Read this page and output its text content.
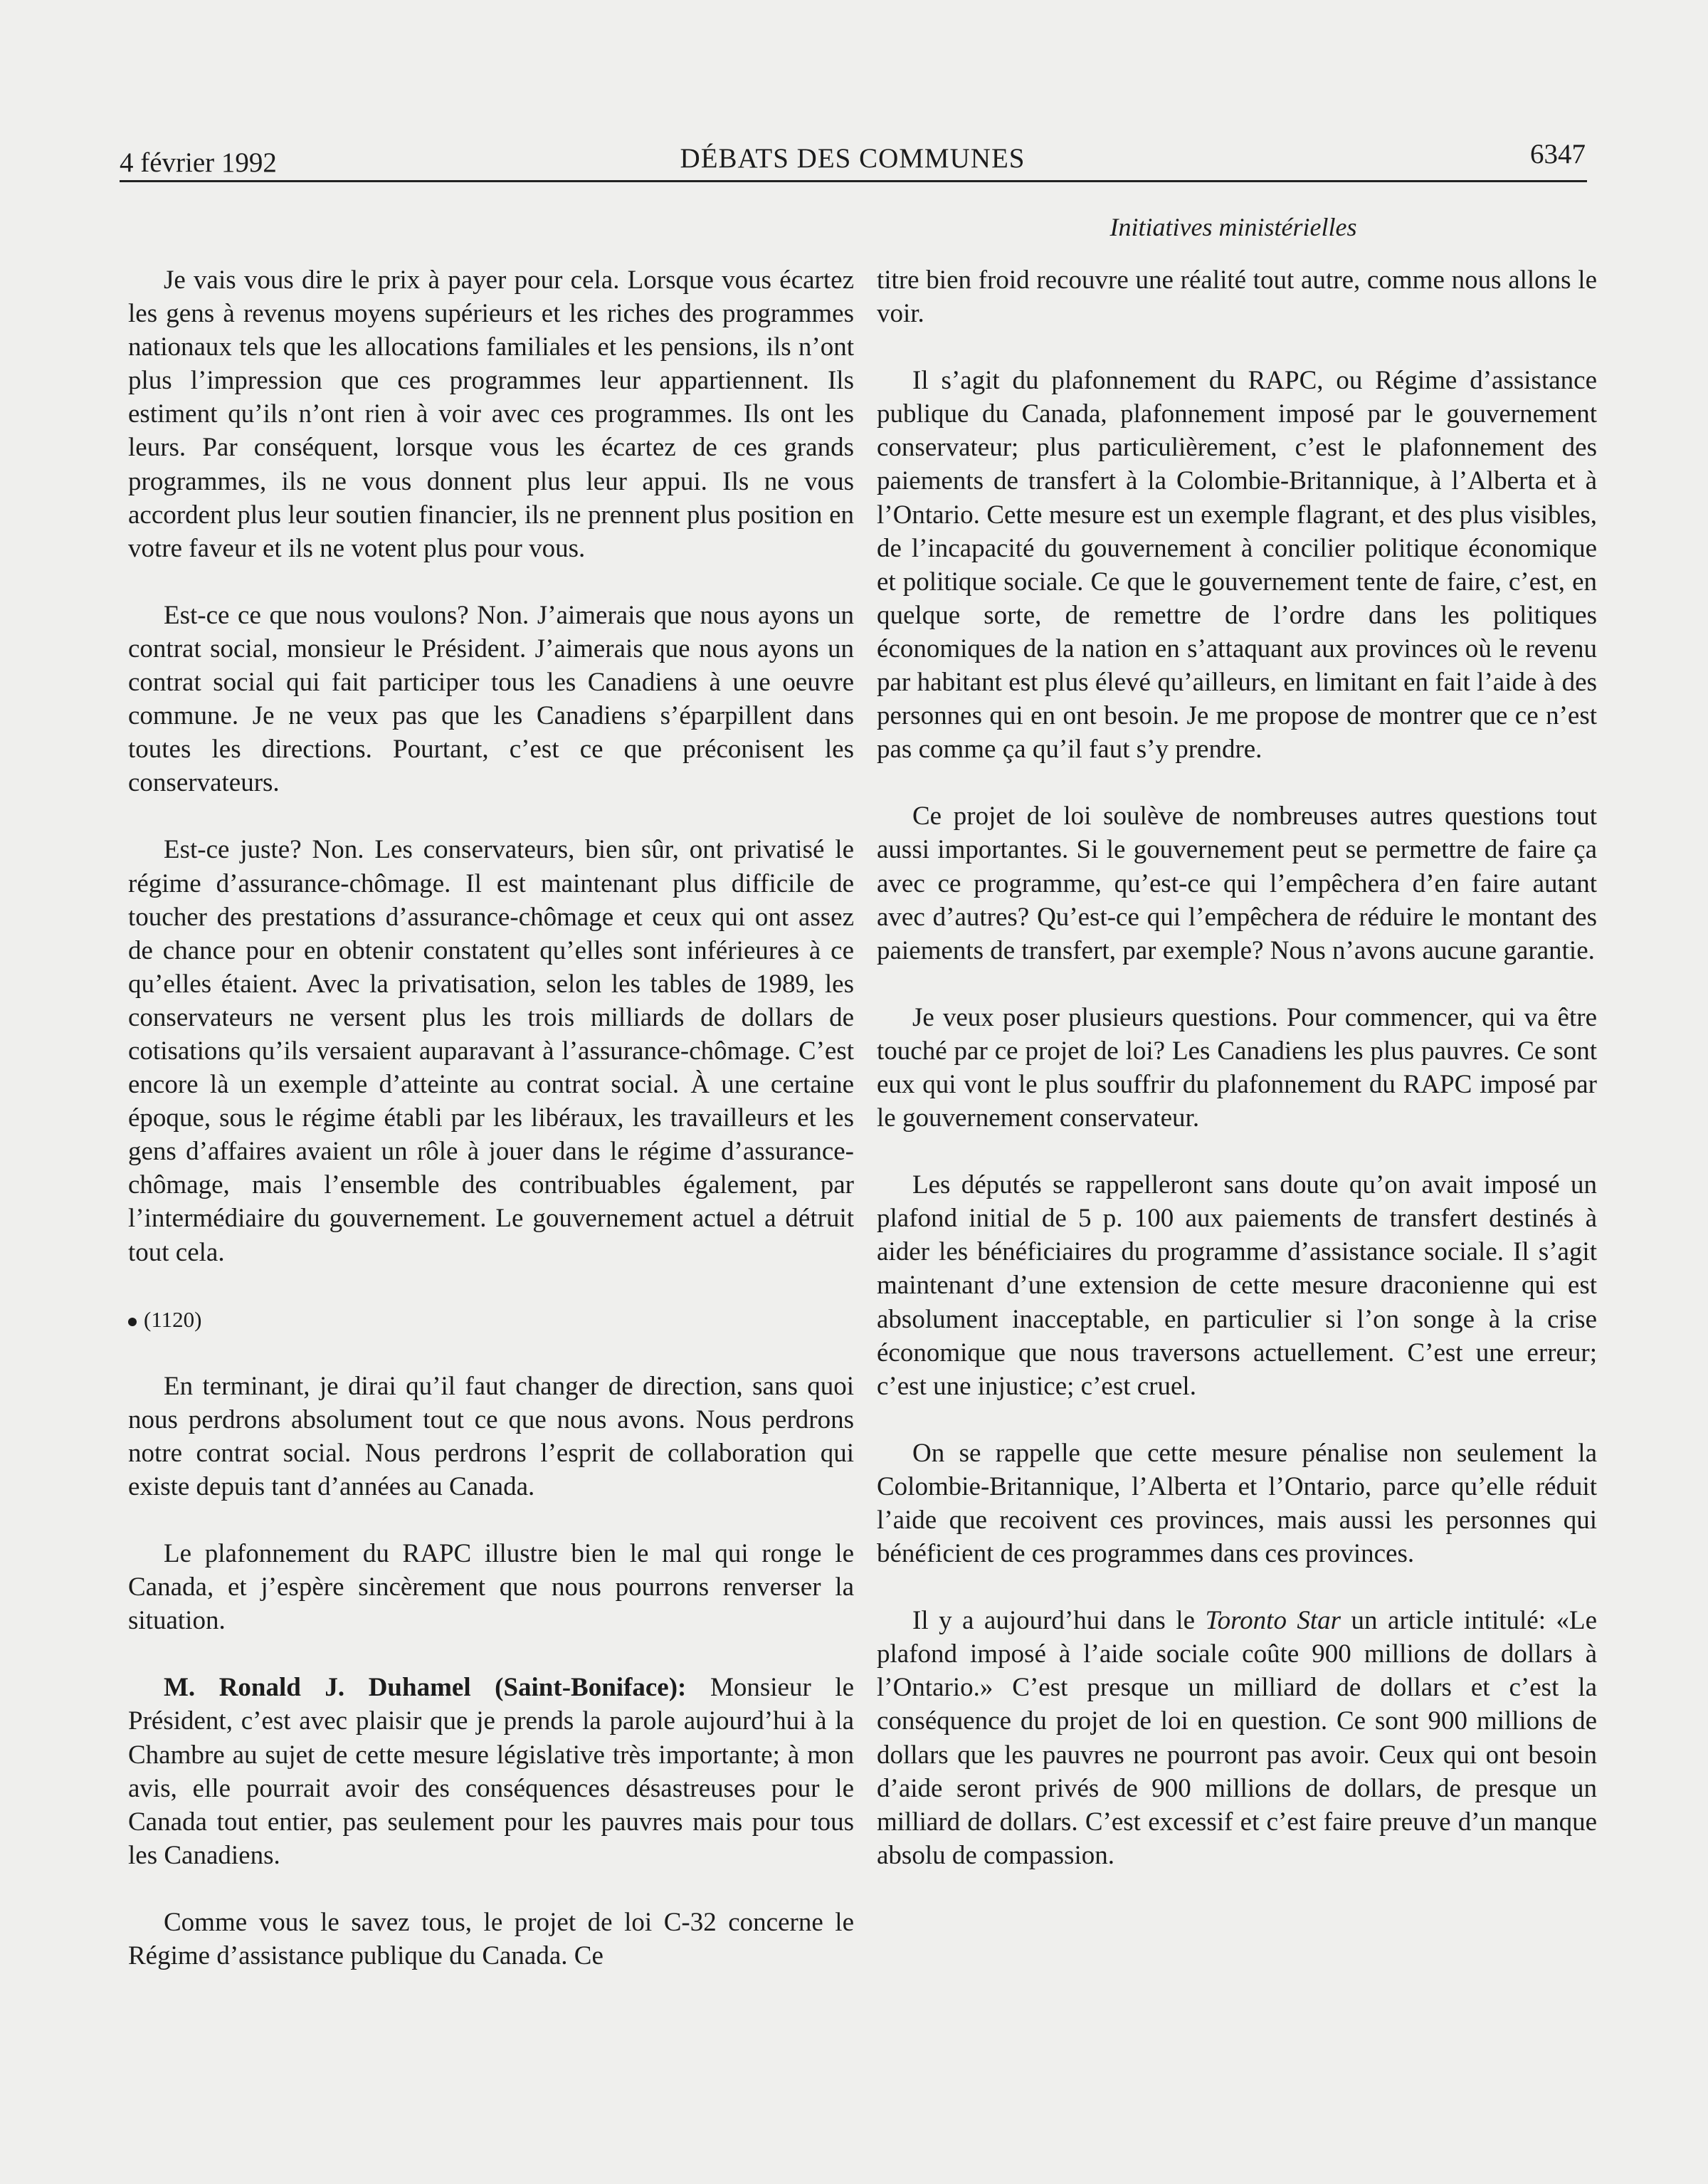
4 février 1992	DÉBATS DES COMMUNES	6347
Initiatives ministérielles

Je vais vous dire le prix à payer pour cela. Lorsque vous écartez les gens à revenus moyens supérieurs et les riches des programmes nationaux tels que les allocations familiales et les pensions, ils n’ont plus l’impression que ces programmes leur appartiennent. Ils estiment qu’ils n’ont rien à voir avec ces programmes. Ils ont les leurs. Par conséquent, lorsque vous les écartez de ces grands programmes, ils ne vous donnent plus leur appui. Ils ne vous accordent plus leur soutien financier, ils ne prennent plus position en votre faveur et ils ne votent plus pour vous.

Est-ce ce que nous voulons? Non. J’aimerais que nous ayons un contrat social, monsieur le Président. J’aimerais que nous ayons un contrat social qui fait participer tous les Canadiens à une oeuvre commune. Je ne veux pas que les Canadiens s’éparpillent dans toutes les directions. Pourtant, c’est ce que préconisent les conservateurs.

Est-ce juste? Non. Les conservateurs, bien sûr, ont privatisé le régime d’assurance-chômage. Il est maintenant plus difficile de toucher des prestations d’assurance-chômage et ceux qui ont assez de chance pour en obtenir constatent qu’elles sont inférieures à ce qu’elles étaient. Avec la privatisation, selon les tables de 1989, les conservateurs ne versent plus les trois milliards de dollars de cotisations qu’ils versaient auparavant à l’assurance-chômage. C’est encore là un exemple d’atteinte au contrat social. À une certaine époque, sous le régime établi par les libéraux, les travailleurs et les gens d’affaires avaient un rôle à jouer dans le régime d’assurance-chômage, mais l’ensemble des contribuables également, par l’intermédiaire du gouvernement. Le gouvernement actuel a détruit tout cela.

(1120)

En terminant, je dirai qu’il faut changer de direction, sans quoi nous perdrons absolument tout ce que nous avons. Nous perdrons notre contrat social. Nous perdrons l’esprit de collaboration qui existe depuis tant d’années au Canada.

Le plafonnement du RAPC illustre bien le mal qui ronge le Canada, et j’espère sincèrement que nous pourrons renverser la situation.

M. Ronald J. Duhamel (Saint-Boniface): Monsieur le Président, c’est avec plaisir que je prends la parole aujourd’hui à la Chambre au sujet de cette mesure législative très importante; à mon avis, elle pourrait avoir des conséquences désastreuses pour le Canada tout entier, pas seulement pour les pauvres mais pour tous les Canadiens.

Comme vous le savez tous, le projet de loi C-32 concerne le Régime d’assistance publique du Canada. Ce

titre bien froid recouvre une réalité tout autre, comme nous allons le voir.

Il s’agit du plafonnement du RAPC, ou Régime d’assistance publique du Canada, plafonnement imposé par le gouvernement conservateur; plus particulièrement, c’est le plafonnement des paiements de transfert à la Colombie-Britannique, à l’Alberta et à l’Ontario. Cette mesure est un exemple flagrant, et des plus visibles, de l’incapacité du gouvernement à concilier politique économique et politique sociale. Ce que le gouvernement tente de faire, c’est, en quelque sorte, de remettre de l’ordre dans les politiques économiques de la nation en s’attaquant aux provinces où le revenu par habitant est plus élevé qu’ailleurs, en limitant en fait l’aide à des personnes qui en ont besoin. Je me propose de montrer que ce n’est pas comme ça qu’il faut s’y prendre.

Ce projet de loi soulève de nombreuses autres questions tout aussi importantes. Si le gouvernement peut se permettre de faire ça avec ce programme, qu’est-ce qui l’empêchera d’en faire autant avec d’autres? Qu’est-ce qui l’empêchera de réduire le montant des paiements de transfert, par exemple? Nous n’avons aucune garantie.

Je veux poser plusieurs questions. Pour commencer, qui va être touché par ce projet de loi? Les Canadiens les plus pauvres. Ce sont eux qui vont le plus souffrir du plafonnement du RAPC imposé par le gouvernement conservateur.

Les députés se rappelleront sans doute qu’on avait imposé un plafond initial de 5 p. 100 aux paiements de transfert destinés à aider les bénéficiaires du programme d’assistance sociale. Il s’agit maintenant d’une extension de cette mesure draconienne qui est absolument inacceptable, en particulier si l’on songe à la crise économique que nous traversons actuellement. C’est une erreur; c’est une injustice; c’est cruel.

On se rappelle que cette mesure pénalise non seulement la Colombie-Britannique, l’Alberta et l’Ontario, parce qu’elle réduit l’aide que recoivent ces provinces, mais aussi les personnes qui bénéficient de ces programmes dans ces provinces.

Il y a aujourd’hui dans le Toronto Star un article intitulé: «Le plafond imposé à l’aide sociale coûte 900 millions de dollars à l’Ontario.» C’est presque un milliard de dollars et c’est la conséquence du projet de loi en question. Ce sont 900 millions de dollars que les pauvres ne pourront pas avoir. Ceux qui ont besoin d’aide seront privés de 900 millions de dollars, de presque un milliard de dollars. C’est excessif et c’est faire preuve d’un manque absolu de compassion.
